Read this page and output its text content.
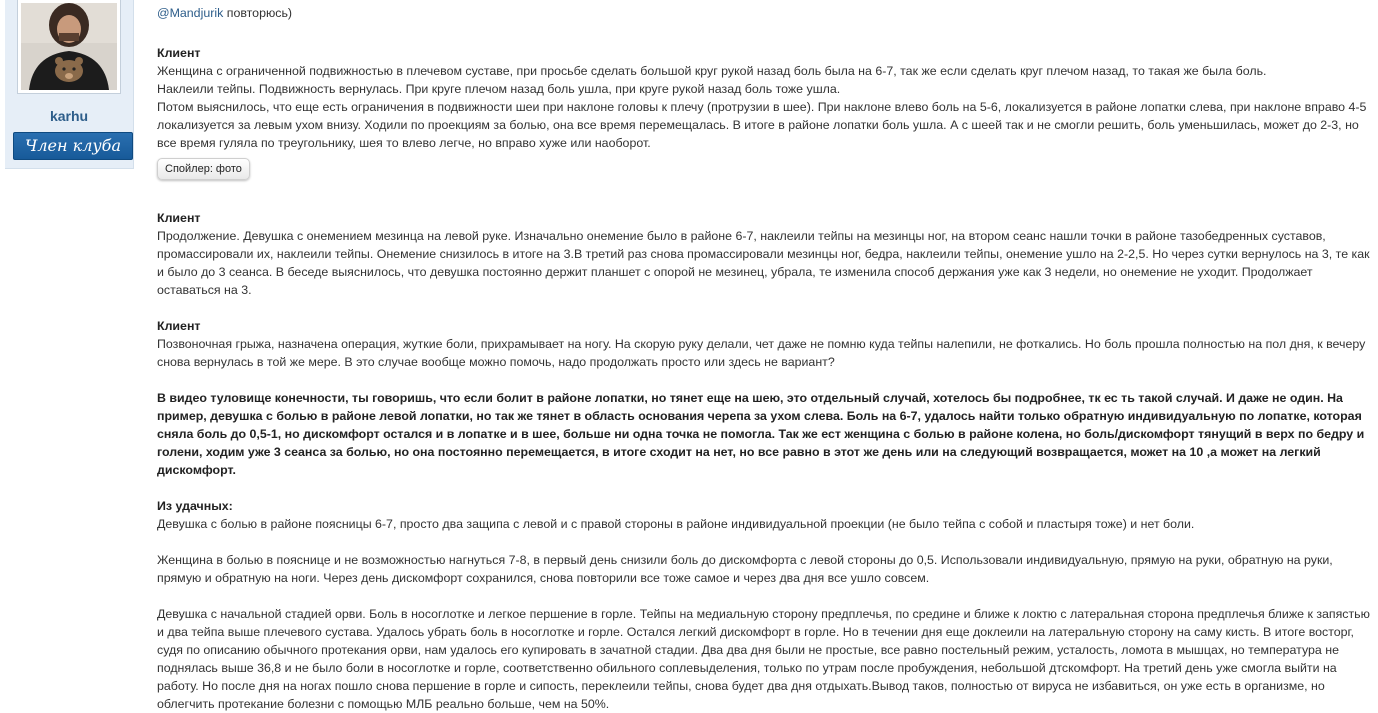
karhu
Член клуба

@Mandjurik повторюсь)

Клиент

Женщина с ограниченной подвижностью в плечевом суставе, при просьбе сделать большой круг рукой назад боль была на 6-7, так же если сделать круг плечом назад, то такая же была боль.

Наклеили тейпы. Подвижность вернулась. При круге плечом назад боль ушла, при круге рукой назад боль тоже ушла.

Потом выяснилось, что еще есть ограничения в подвижности шеи при наклоне головы к плечу (протрузии в шее). При наклоне влево боль на 5-6, локализуется в районе лопатки слева, при наклоне вправо 4-5 локализуется за левым ухом внизу. Ходили по проекциям за болью, она все время перемещалась. В итоге в районе лопатки боль ушла. А с шеей так и не смогли решить, боль уменьшилась, может до 2-3, но все время гуляла по треугольнику, шея то влево легче, но вправо хуже или наоборот.

Спойлер: фото

Клиент

Продолжение. Девушка с онемением мезинца на левой руке. Изначально онемение было в районе 6-7, наклеили тейпы на мезинцы ног, на втором сеанс нашли точки в районе тазобедренных суставов, промассировали их, наклеили тейпы. Онемение снизилось в итоге на 3.В третий раз снова промассировали мезинцы ног, бедра, наклеили тейпы, онемение ушло на 2-2,5. Но через сутки вернулось на 3, те как и было до 3 сеанса. В беседе выяснилось, что девушка постоянно держит планшет с опорой не мезинец, убрала, те изменила способ держания уже как 3 недели, но онемение не уходит. Продолжает оставаться на 3.

Клиент

Позвоночная грыжа, назначена операция, жуткие боли, прихрамывает на ногу. На скорую руку делали, чет даже не помню куда тейпы налепили, не фоткались. Но боль прошла полностью на пол дня, к вечеру снова вернулась в той же мере. В это случае вообще можно помочь, надо продолжать просто или здесь не вариант?

В видео туловище конечности, ты говоришь, что если болит в районе лопатки, но тянет еще на шею, это отдельный случай, хотелось бы подробнее, тк ес ть такой случай. И даже не один. На пример, девушка с болью в районе левой лопатки, но так же тянет в область основания черепа за ухом слева. Боль на 6-7, удалось найти только обратную индивидуальную по лопатке, которая сняла боль до 0,5-1, но дискомфорт остался и в лопатке и в шее, больше ни одна точка не помогла. Так же ест женщина с болью в районе колена, но боль/дискомфорт тянущий в верх по бедру и голени, ходим уже 3 сеанса за болью, но она постоянно перемещается, в итоге сходит на нет, но все равно в этот же день или на следующий возвращается, может на 10 ,а может на легкий дискомфорт.

Из удачных:

Девушка с болью в районе поясницы 6-7, просто два защипа с левой и с правой стороны в районе индивидуальной проекции (не было тейпа с собой и пластыря тоже) и нет боли.

Женщина в болью в пояснице и не возможностью нагнуться 7-8, в первый день снизили боль до дискомфорта с левой стороны до 0,5. Использовали индивидуальную, прямую на руки, обратную на руки, прямую и обратную на ноги. Через день дискомфорт сохранился, снова повторили все тоже самое и через два дня все ушло совсем.

Девушка с начальной стадией орви. Боль в носоглотке и легкое першение в горле. Тейпы на медиальную сторону предплечья, по средине и ближе к локтю с латеральная сторона предплечья ближе к запястью и два тейпа выше плечевого сустава. Удалось убрать боль в носоглотке и горле. Остался легкий дискомфорт в горле. Но в течении дня еще доклеили на латеральную сторону на саму кисть. В итоге восторг, судя по описанию обычного протекания орви, нам удалось его купировать в зачатной стадии. Два два дня были не простые, все равно постельный режим, усталость, ломота в мышцах, но температура не поднялась выше 36,8 и не было боли в носоглотке и горле, соответственно обильного соплевыделения, только по утрам после пробуждения, небольшой дтскомфорт. На третий день уже смогла выйти на работу. Но после дня на ногах пошло снова першение в горле и сипость, переклеили тейпы, снова будет два дня отдыхать.Вывод таков, полностью от вируса не избавиться, он уже есть в организме, но облегчить протекание болезни с помощью МЛБ реально больше, чем на 50%.
